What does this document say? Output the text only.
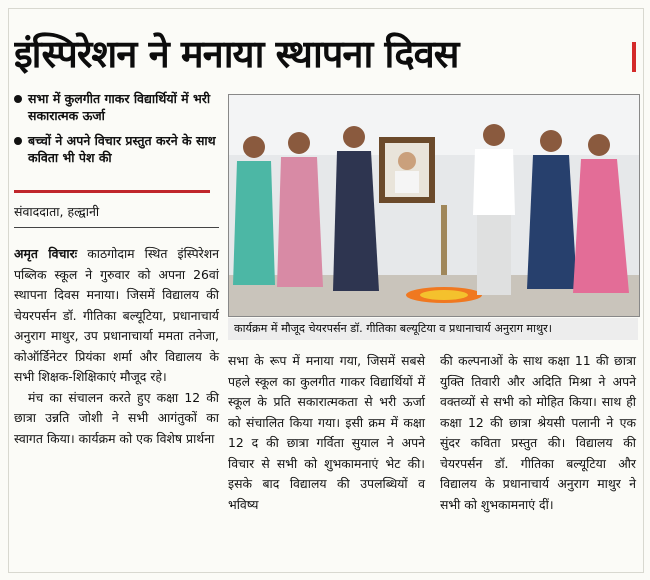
इंस्पिरेशन ने मनाया स्थापना दिवस
सभा में कुलगीत गाकर विद्यार्थियों में भरी सकारात्मक ऊर्जा
बच्चों ने अपने विचार प्रस्तुत करने के साथ कविता भी पेश की
संवाददाता, हल्द्वानी
कार्यक्रम में मौजूद चेयरपर्सन डॉ. गीतिका बल्यूटिया व प्रधानाचार्य अनुराग माथुर।

अमृत विचारः काठगोदाम स्थित इंस्पिरेशन पब्लिक स्कूल ने गुरुवार को अपना 26वां स्थापना दिवस मनाया। जिसमें विद्यालय की चेयरपर्सन डॉ. गीतिका बल्यूटिया, प्रधानाचार्य अनुराग माथुर, उप प्रधानाचार्या ममता तनेजा, कोऑर्डिनेटर प्रियंका शर्मा और विद्यालय के सभी शिक्षक-शिक्षिकाएं मौजूद रहे।

मंच का संचालन करते हुए कक्षा 12 की छात्रा उन्नति जोशी ने सभी आगंतुकों का स्वागत किया। कार्यक्रम को एक विशेष प्रार्थना

सभा के रूप में मनाया गया, जिसमें सबसे पहले स्कूल का कुलगीत गाकर विद्यार्थियों में स्कूल के प्रति सकारात्मकता से भरी ऊर्जा को संचालित किया गया। इसी क्रम में कक्षा 12 द की छात्रा गर्विता सुयाल ने अपने विचार से सभी को शुभकामनाएं भेट की। इसके बाद विद्यालय की उपलब्धियों व भविष्य

की कल्पनाओं के साथ कक्षा 11 की छात्रा युक्ति तिवारी और अदिति मिश्रा ने अपने वक्तव्यों से सभी को मोहित किया। साथ ही कक्षा 12 की छात्रा श्रेयसी पलानी ने एक सुंदर कविता प्रस्तुत की। विद्यालय की चेयरपर्सन डॉ. गीतिका बल्यूटिया और विद्यालय के प्रधानाचार्य अनुराग माथुर ने सभी को शुभकामनाएं दीं।
